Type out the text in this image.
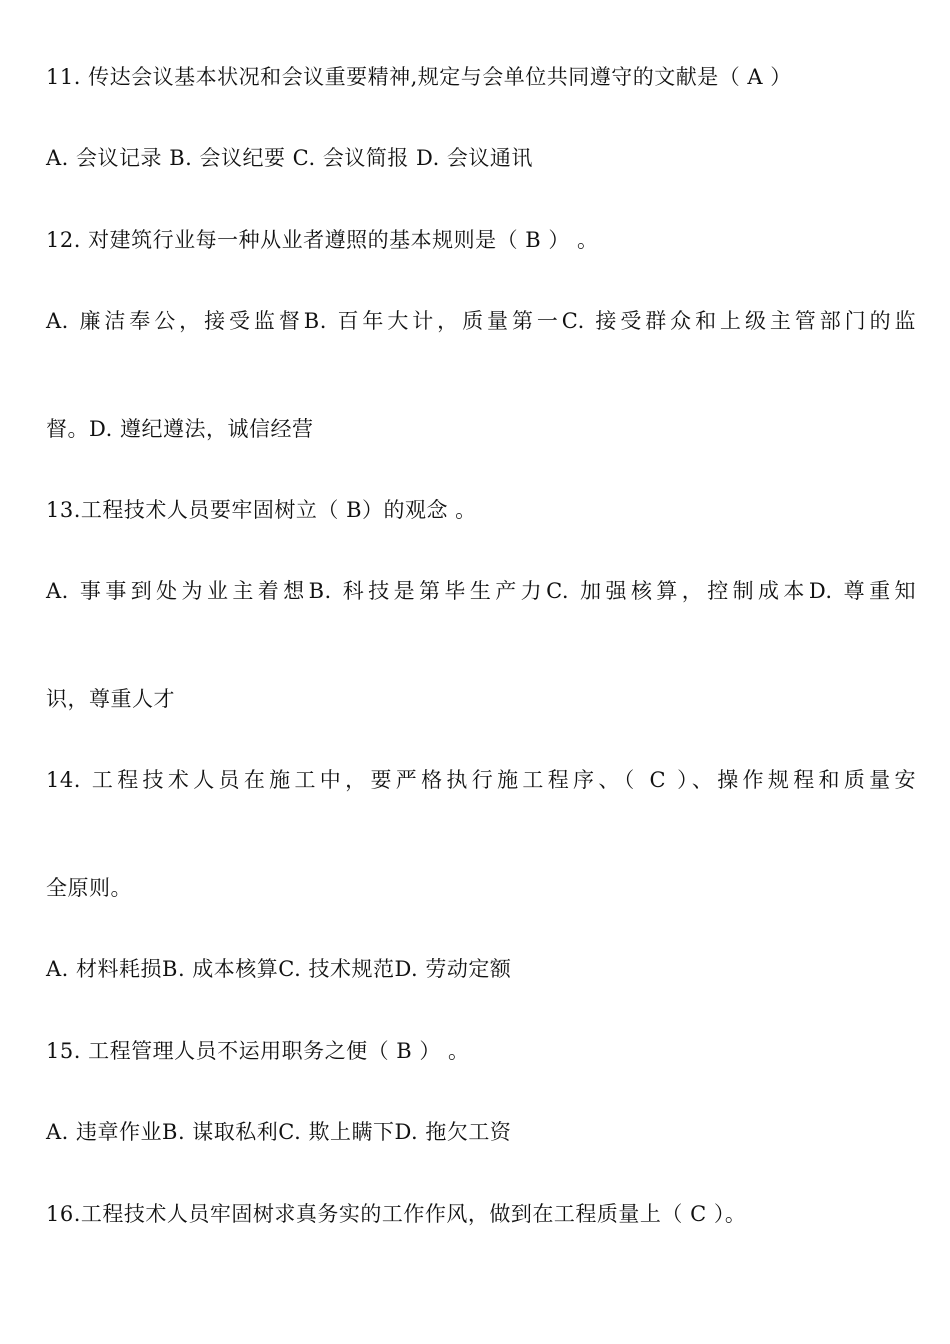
11. 传达会议基本状况和会议重要精神,规定与会单位共同遵守的文献是（ A ）
A. 会议记录 B. 会议纪要 C. 会议简报 D. 会议通讯
12. 对建筑行业每一种从业者遵照的基本规则是（ B ） 。
A. 廉洁奉公，接受监督B. 百年大计，质量第一C. 接受群众和上级主管部门的监
督。D. 遵纪遵法，诚信经营
13.工程技术人员要牢固树立（ B）的观念 。
A. 事事到处为业主着想B. 科技是第毕生产力C. 加强核算，控制成本D. 尊重知
识，尊重人才
14. 工程技术人员在施工中，要严格执行施工程序、（ C ）、操作规程和质量安
全原则。
A. 材料耗损B. 成本核算C. 技术规范D. 劳动定额
15. 工程管理人员不运用职务之便（ B ） 。
A. 违章作业B. 谋取私利C. 欺上瞒下D. 拖欠工资
16.工程技术人员牢固树求真务实的工作作风，做到在工程质量上（ C ）。
